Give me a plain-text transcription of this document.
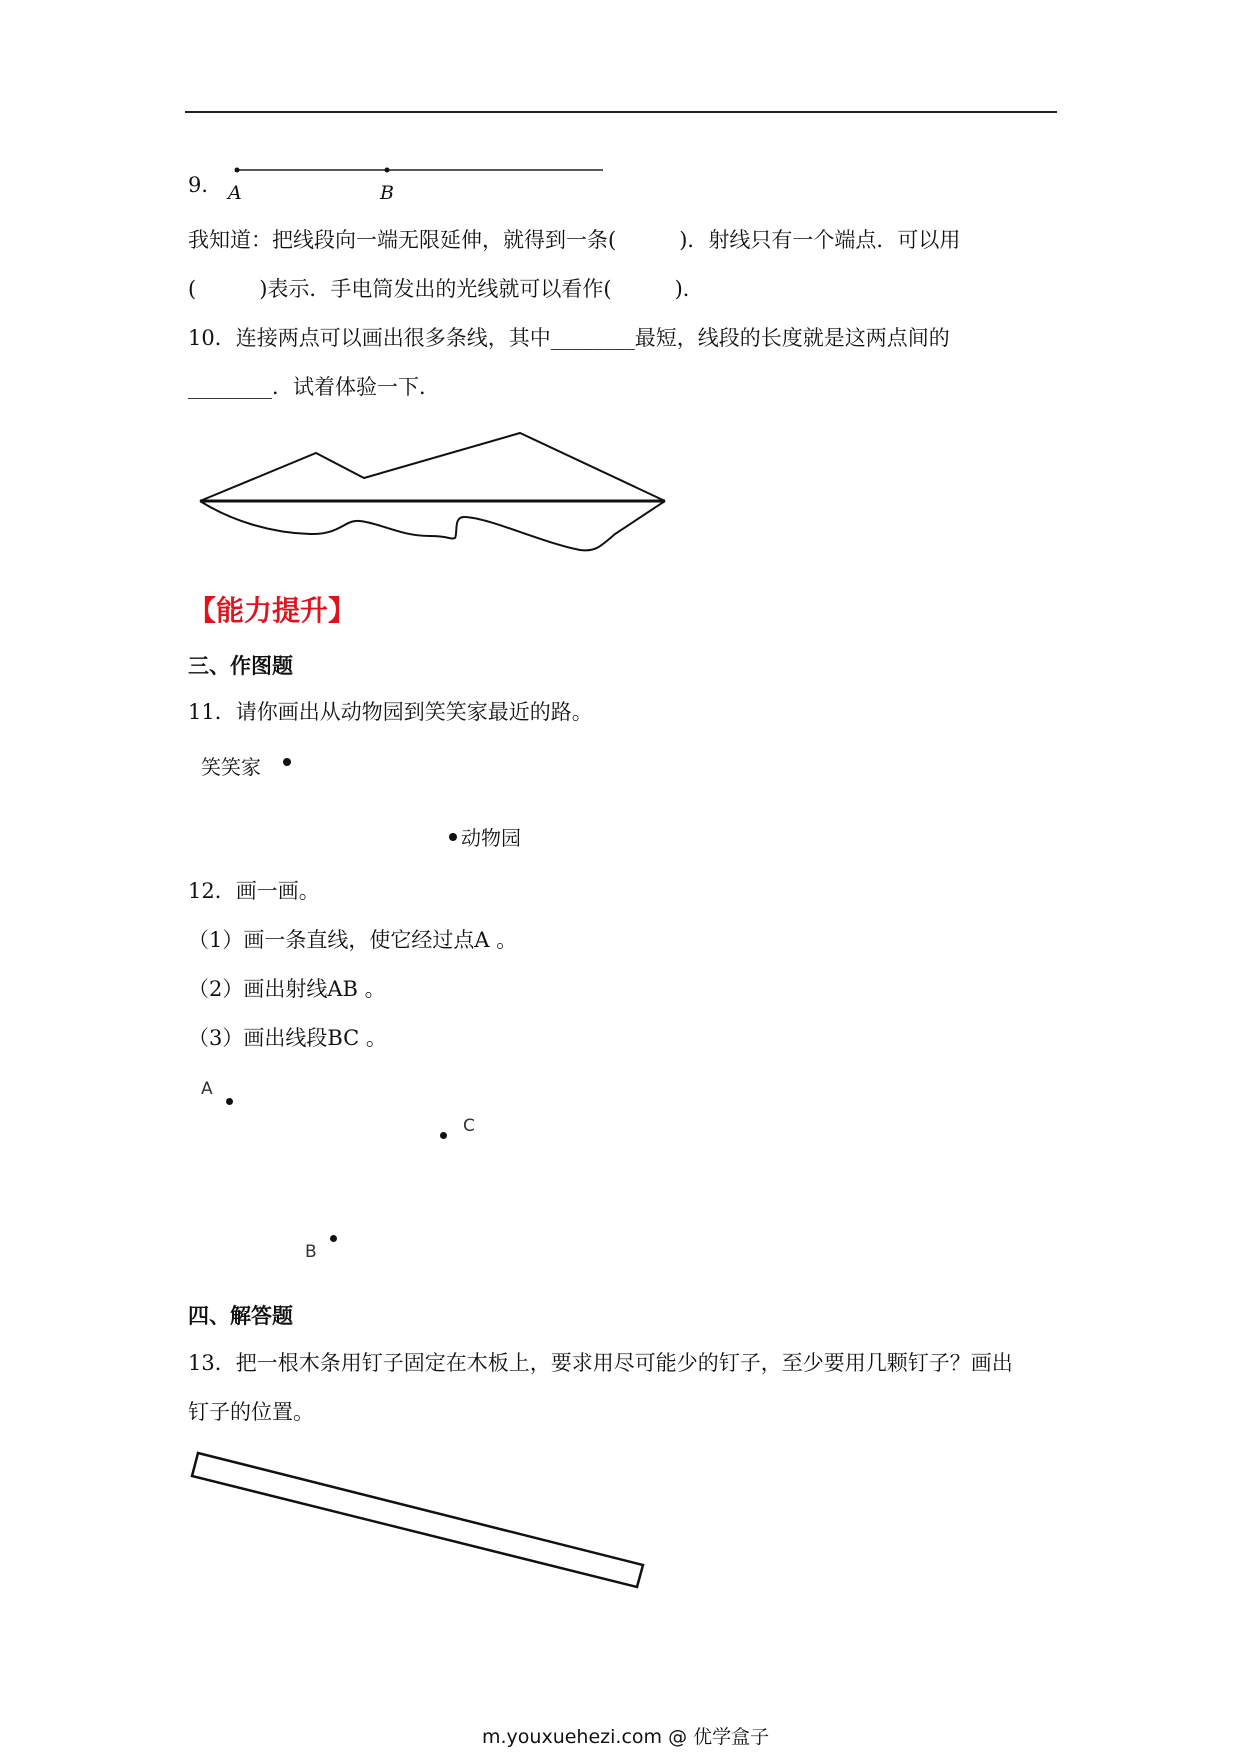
9． A	B
我知道：把线段向一端无限延伸，就得到一条(　　　)．射线只有一个端点．可以用
(　　　)表示．手电筒发出的光线就可以看作(　　　)．
10．连接两点可以画出很多条线，其中________最短，线段的长度就是这两点间的
________．试着体验一下．
【能力提升】
三、作图题
11．请你画出从动物园到笑笑家最近的路。
笑笑家
动物园
12．画一画。
（1）画一条直线，使它经过点A 。
（2）画出射线AB 。
（3）画出线段BC 。
A
C
B
四、解答题
13．把一根木条用钉子固定在木板上，要求用尽可能少的钉子，至少要用几颗钉子？画出
钉子的位置。
m.youxuehezi.com @ 优学盒子
